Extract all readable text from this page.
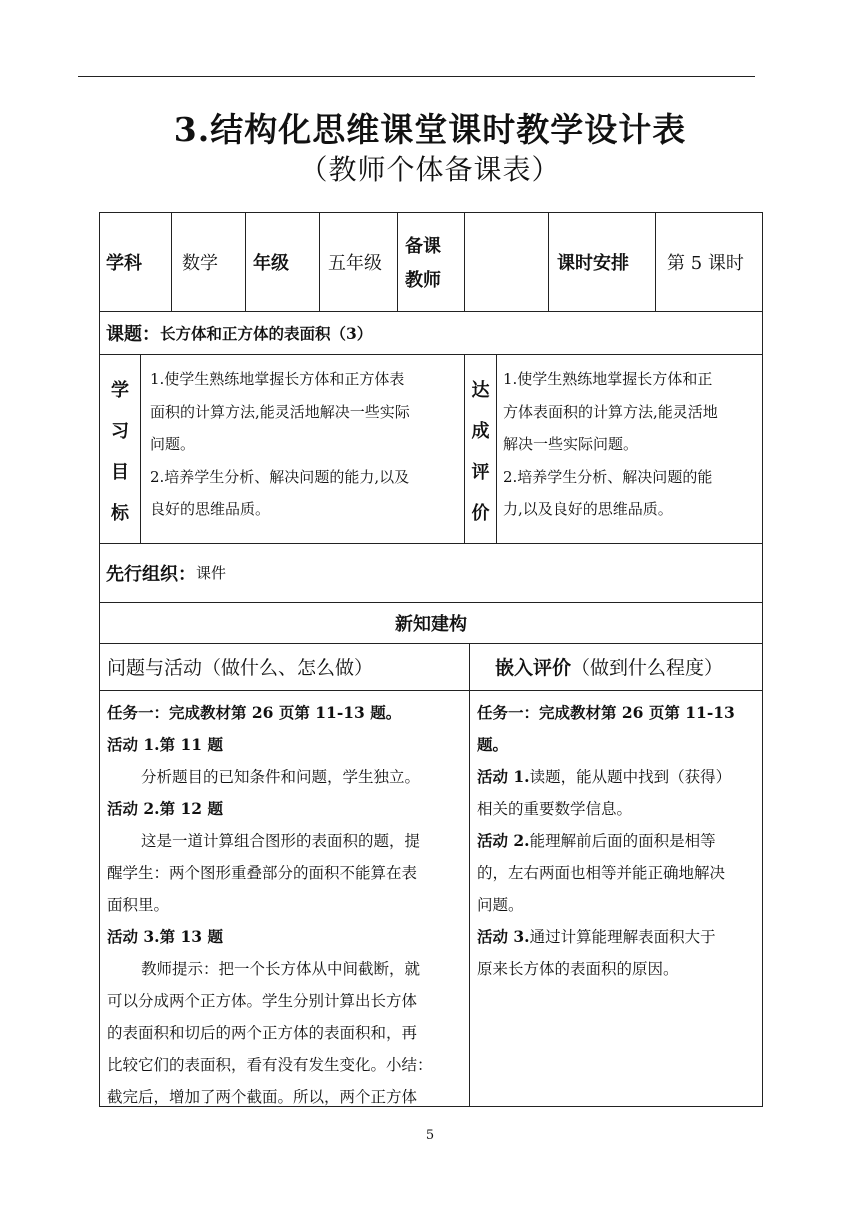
3.结构化思维课堂课时教学设计表
（教师个体备课表）
学科 数学 年级 五年级
备课
教师
课时安排 第 5 课时
课题： 长方体和正方体的表面积（3）
学
习
目
标
1.使学生熟练地掌握长方体和正方体表
面积的计算方法,能灵活地解决一些实际
问题。
2.培养学生分析、解决问题的能力,以及
良好的思维品质。
达
成
评
价
1.使学生熟练地掌握长方体和正
方体表面积的计算方法,能灵活地
解决一些实际问题。
2.培养学生分析、解决问题的能
力,以及良好的思维品质。
先行组织： 课件
新知建构
问题与活动（做什么、怎么做）	嵌入评价 （做到什么程度）
任务一：完成教材第 26 页第 11-13 题。
活动 1.第 11 题
分析题目的已知条件和问题，学生独立。
活动 2.第 12 题
这是一道计算组合图形的表面积的题，提
醒学生：两个图形重叠部分的面积不能算在表
面积里。
活动 3.第 13 题
教师提示：把一个长方体从中间截断，就
可以分成两个正方体。学生分别计算出长方体
的表面积和切后的两个正方体的表面积和，再
比较它们的表面积，看有没有发生变化。小结：
截完后，增加了两个截面。所以，两个正方体
任务一：完成教材第 26 页第 11-13
题。
活动 1.读题，能从题中找到（获得）
相关的重要数学信息。
活动 2.能理解前后面的面积是相等
的，左右两面也相等并能正确地解决
问题。
活动 3.通过计算能理解表面积大于
原来长方体的表面积的原因。
5
